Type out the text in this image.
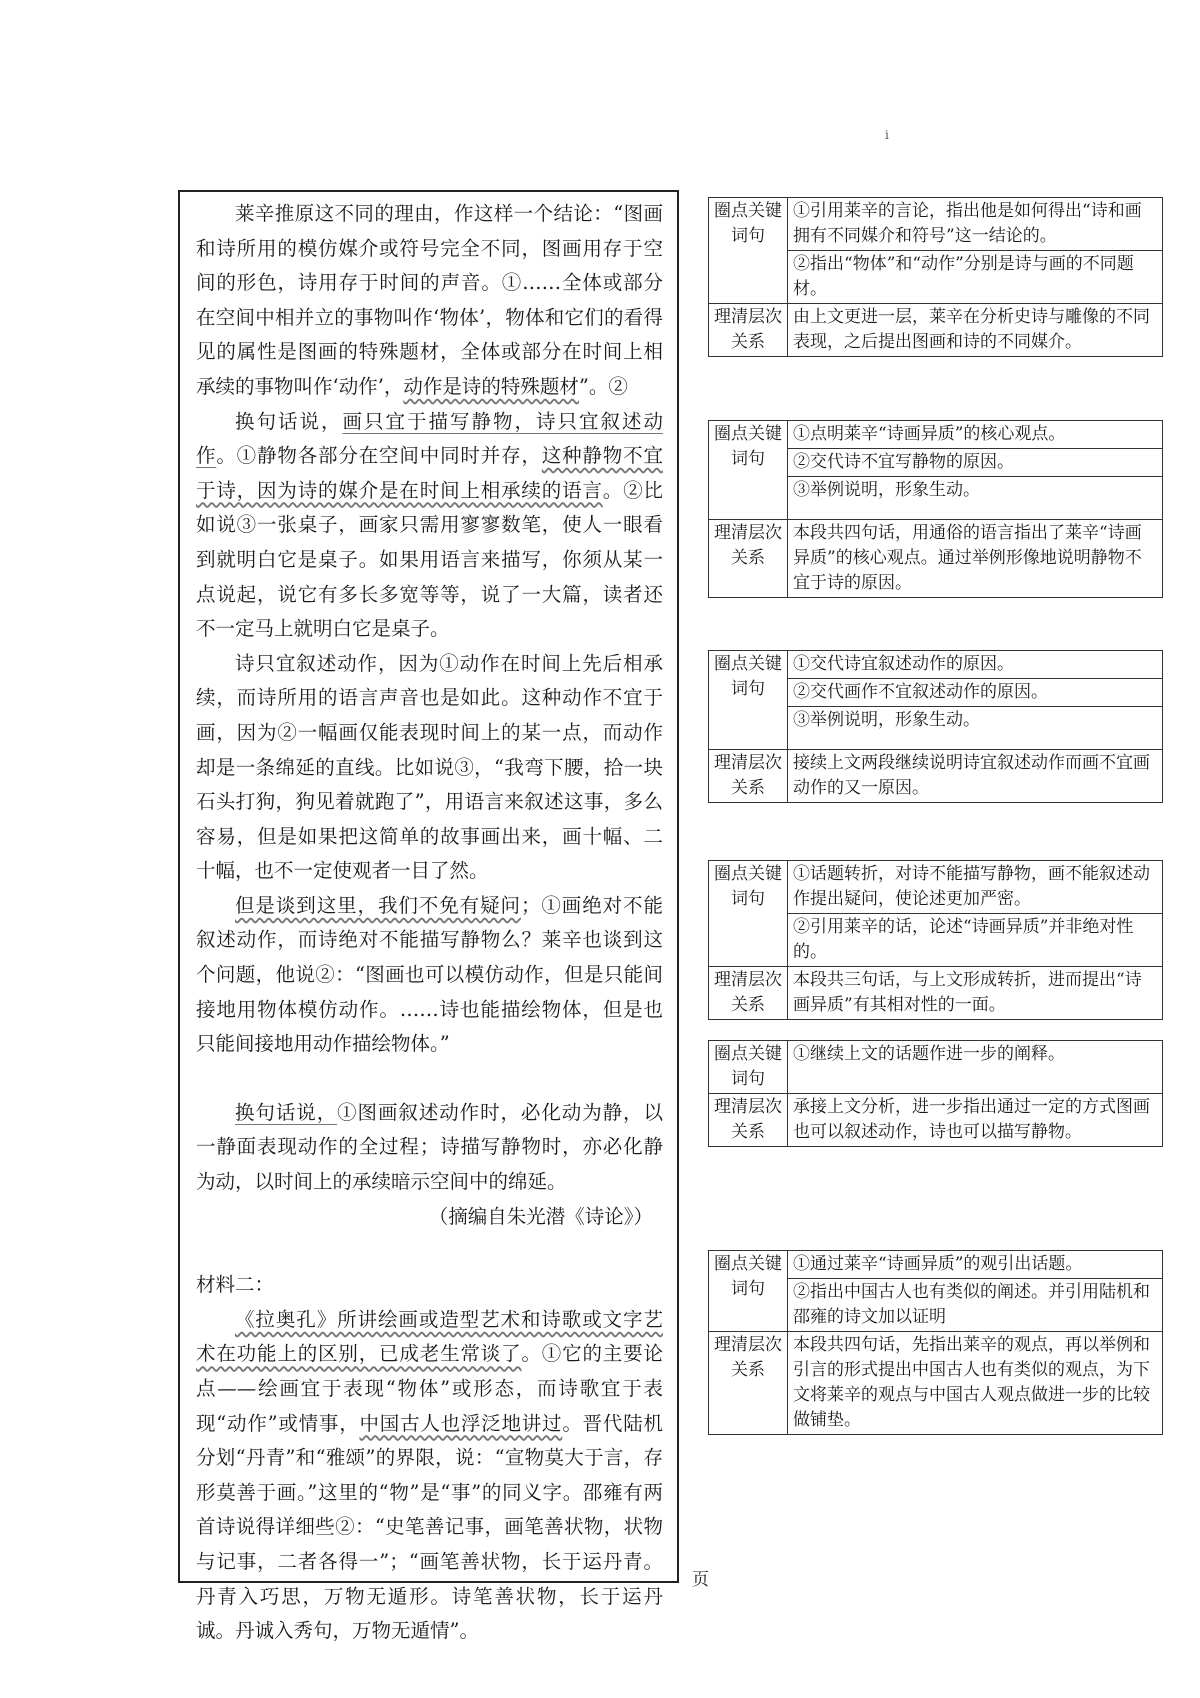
ⅰ

莱辛推原这不同的理由，作这样一个结论：“图画和诗所用的模仿媒介或符号完全不同，图画用存于空间的形色，诗用存于时间的声音。①……全体或部分在空间中相并立的事物叫作‘物体’，物体和它们的看得见的属性是图画的特殊题材，全体或部分在时间上相承续的事物叫作‘动作’，动作是诗的特殊题材”。②

换句话说，画只宜于描写静物，诗只宜叙述动作。①静物各部分在空间中同时并存，这种静物不宜于诗，因为诗的媒介是在时间上相承续的语言。②比如说③一张桌子，画家只需用寥寥数笔，使人一眼看到就明白它是桌子。如果用语言来描写，你须从某一点说起，说它有多长多宽等等，说了一大篇，读者还不一定马上就明白它是桌子。

诗只宜叙述动作，因为①动作在时间上先后相承续，而诗所用的语言声音也是如此。这种动作不宜于画，因为②一幅画仅能表现时间上的某一点，而动作却是一条绵延的直线。比如说③，“我弯下腰，拾一块石头打狗，狗见着就跑了”，用语言来叙述这事，多么容易，但是如果把这简单的故事画出来，画十幅、二十幅，也不一定使观者一目了然。

但是谈到这里，我们不免有疑问；①画绝对不能叙述动作，而诗绝对不能描写静物么？莱辛也谈到这个问题，他说②：“图画也可以模仿动作，但是只能间接地用物体模仿动作。……诗也能描绘物体，但是也只能间接地用动作描绘物体。”

换句话说，①图画叙述动作时，必化动为静，以一静面表现动作的全过程；诗描写静物时，亦必化静为动，以时间上的承续暗示空间中的绵延。

（摘编自朱光潜《诗论》）

材料二：

《拉奥孔》所讲绘画或造型艺术和诗歌或文字艺术在功能上的区别，已成老生常谈了。①它的主要论点——绘画宜于表现“物体”或形态，而诗歌宜于表现“动作”或情事，中国古人也浮泛地讲过。晋代陆机分划“丹青”和“雅颂”的界限，说：“宣物莫大于言，存形莫善于画。”这里的“物”是“事”的同义字。邵雍有两首诗说得详细些②：“史笔善记事，画笔善状物，状物与记事，二者各得一”；“画笔善状物，长于运丹青。丹青入巧思，万物无遁形。诗笔善状物，长于运丹诚。丹诚入秀句，万物无遁情”。

圈点关键词句	①引用莱辛的言论，指出他是如何得出“诗和画拥有不同媒介和符号”这一结论的。
	②指出“物体”和“动作”分别是诗与画的不同题材。
理清层次关系	由上文更进一层，莱辛在分析史诗与雕像的不同表现，之后提出图画和诗的不同媒介。
圈点关键词句	①点明莱辛“诗画异质”的核心观点。
	②交代诗不宜写静物的原因。
	③举例说明，形象生动。
理清层次关系	本段共四句话，用通俗的语言指出了莱辛“诗画异质”的核心观点。通过举例形像地说明静物不宜于诗的原因。
圈点关键词句	①交代诗宜叙述动作的原因。
	②交代画作不宜叙述动作的原因。
	③举例说明，形象生动。
理清层次关系	接续上文两段继续说明诗宜叙述动作而画不宜画动作的又一原因。
圈点关键词句	①话题转折，对诗不能描写静物，画不能叙述动作提出疑问，使论述更加严密。
	②引用莱辛的话，论述“诗画异质”并非绝对性的。
理清层次关系	本段共三句话，与上文形成转折，进而提出“诗画异质”有其相对性的一面。
圈点关键词句	①继续上文的话题作进一步的阐释。
理清层次关系	承接上文分析，进一步指出通过一定的方式图画也可以叙述动作，诗也可以描写静物。
圈点关键词句	①通过莱辛“诗画异质”的观引出话题。
	②指出中国古人也有类似的阐述。并引用陆机和邵雍的诗文加以证明
理清层次关系	本段共四句话，先指出莱辛的观点，再以举例和引言的形式提出中国古人也有类似的观点，为下文将莱辛的观点与中国古人观点做进一步的比较做铺垫。
页
